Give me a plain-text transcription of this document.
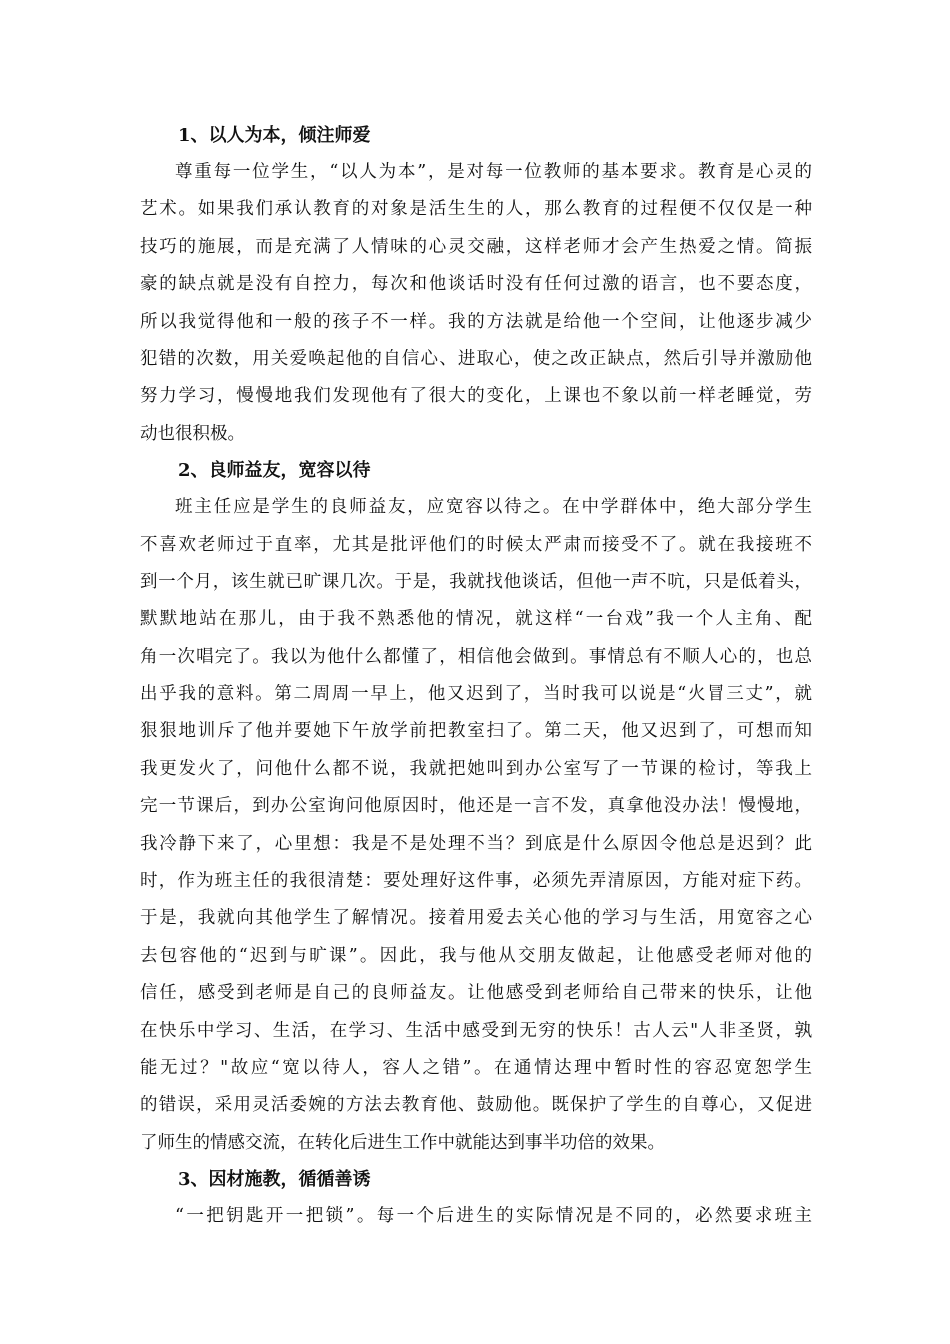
1、以人为本，倾注师爱
尊重每一位学生，“以人为本”，是对每一位教师的基本要求。教育是心灵的
艺术。如果我们承认教育的对象是活生生的人，那么教育的过程便不仅仅是一种
技巧的施展，而是充满了人情味的心灵交融，这样老师才会产生热爱之情。简振
豪的缺点就是没有自控力，每次和他谈话时没有任何过激的语言，也不要态度，
所以我觉得他和一般的孩子不一样。我的方法就是给他一个空间，让他逐步减少
犯错的次数，用关爱唤起他的自信心、进取心，使之改正缺点，然后引导并激励他
努力学习，慢慢地我们发现他有了很大的变化，上课也不象以前一样老睡觉，劳
动也很积极。
2、良师益友，宽容以待
班主任应是学生的良师益友，应宽容以待之。在中学群体中，绝大部分学生
不喜欢老师过于直率，尤其是批评他们的时候太严肃而接受不了。就在我接班不
到一个月，该生就已旷课几次。于是，我就找他谈话，但他一声不吭，只是低着头，
默默地站在那儿，由于我不熟悉他的情况，就这样“一台戏”我一个人主角、配
角一次唱完了。我以为他什么都懂了，相信他会做到。事情总有不顺人心的，也总
出乎我的意料。第二周周一早上，他又迟到了，当时我可以说是“火冒三丈”，就
狠狠地训斥了他并要她下午放学前把教室扫了。第二天，他又迟到了，可想而知
我更发火了，问他什么都不说，我就把她叫到办公室写了一节课的检讨，等我上
完一节课后，到办公室询问他原因时，他还是一言不发，真拿他没办法！慢慢地，
我冷静下来了，心里想：我是不是处理不当？到底是什么原因令他总是迟到？此
时，作为班主任的我很清楚：要处理好这件事，必须先弄清原因，方能对症下药。
于是，我就向其他学生了解情况。接着用爱去关心他的学习与生活，用宽容之心
去包容他的“迟到与旷课”。因此，我与他从交朋友做起，让他感受老师对他的
信任，感受到老师是自己的良师益友。让他感受到老师给自己带来的快乐，让他
在快乐中学习、生活，在学习、生活中感受到无穷的快乐！古人云"人非圣贤，孰
能无过？"故应“宽以待人，容人之错”。在通情达理中暂时性的容忍宽恕学生
的错误，采用灵活委婉的方法去教育他、鼓励他。既保护了学生的自尊心，又促进
了师生的情感交流，在转化后进生工作中就能达到事半功倍的效果。
3、因材施教，循循善诱
“一把钥匙开一把锁”。每一个后进生的实际情况是不同的，必然要求班主
